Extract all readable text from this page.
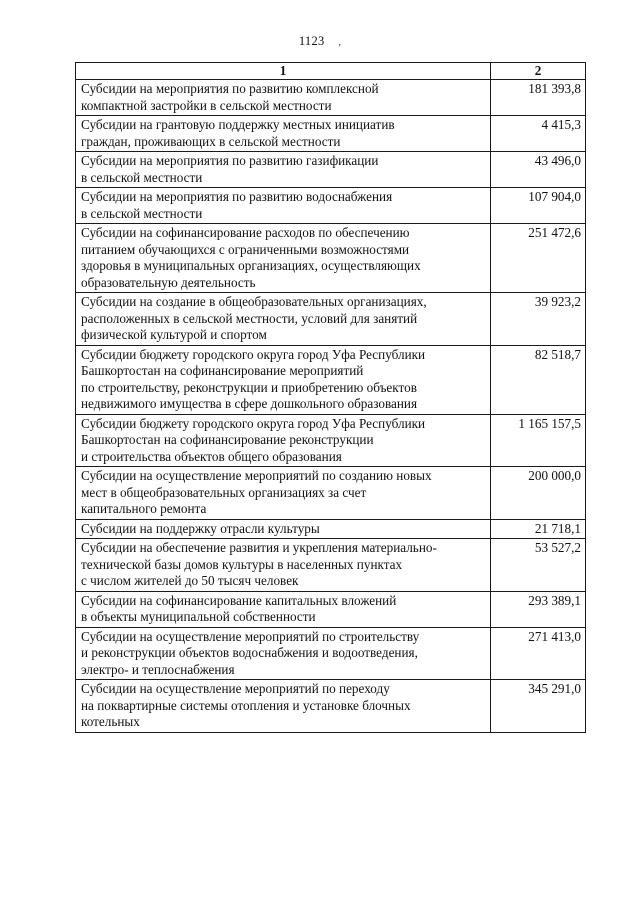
1123 ,
1	2
Субсидии на мероприятия по развитию комплексной
компактной застройки в сельской местности	181 393,8
Субсидии на грантовую поддержку местных инициатив
граждан, проживающих в сельской местности	4 415,3
Субсидии на мероприятия по развитию газификации
в сельской местности	43 496,0
Субсидии на мероприятия по развитию водоснабжения
в сельской местности	107 904,0
Субсидии на софинансирование расходов по обеспечению
питанием обучающихся с ограниченными возможностями
здоровья в муниципальных организациях, осуществляющих
образовательную деятельность	251 472,6
Субсидии на создание в общеобразовательных организациях,
расположенных в сельской местности, условий для занятий
физической культурой и спортом	39 923,2
Субсидии бюджету городского округа город Уфа Республики
Башкортостан на софинансирование мероприятий
по строительству, реконструкции и приобретению объектов
недвижимого имущества в сфере дошкольного образования	82 518,7
Субсидии бюджету городского округа город Уфа Республики
Башкортостан на софинансирование реконструкции
и строительства объектов общего образования	1 165 157,5
Субсидии на осуществление мероприятий по созданию новых
мест в общеобразовательных организациях за счет
капитального ремонта	200 000,0
Субсидии на поддержку отрасли культуры	21 718,1
Субсидии на обеспечение развития и укрепления материально-
технической базы домов культуры в населенных пунктах
с числом жителей до 50 тысяч человек	53 527,2
Субсидии на софинансирование капитальных вложений
в объекты муниципальной собственности	293 389,1
Субсидии на осуществление мероприятий по строительству
и реконструкции объектов водоснабжения и водоотведения,
электро- и теплоснабжения	271 413,0
Субсидии на осуществление мероприятий по переходу
на поквартирные системы отопления и установке блочных
котельных	345 291,0
